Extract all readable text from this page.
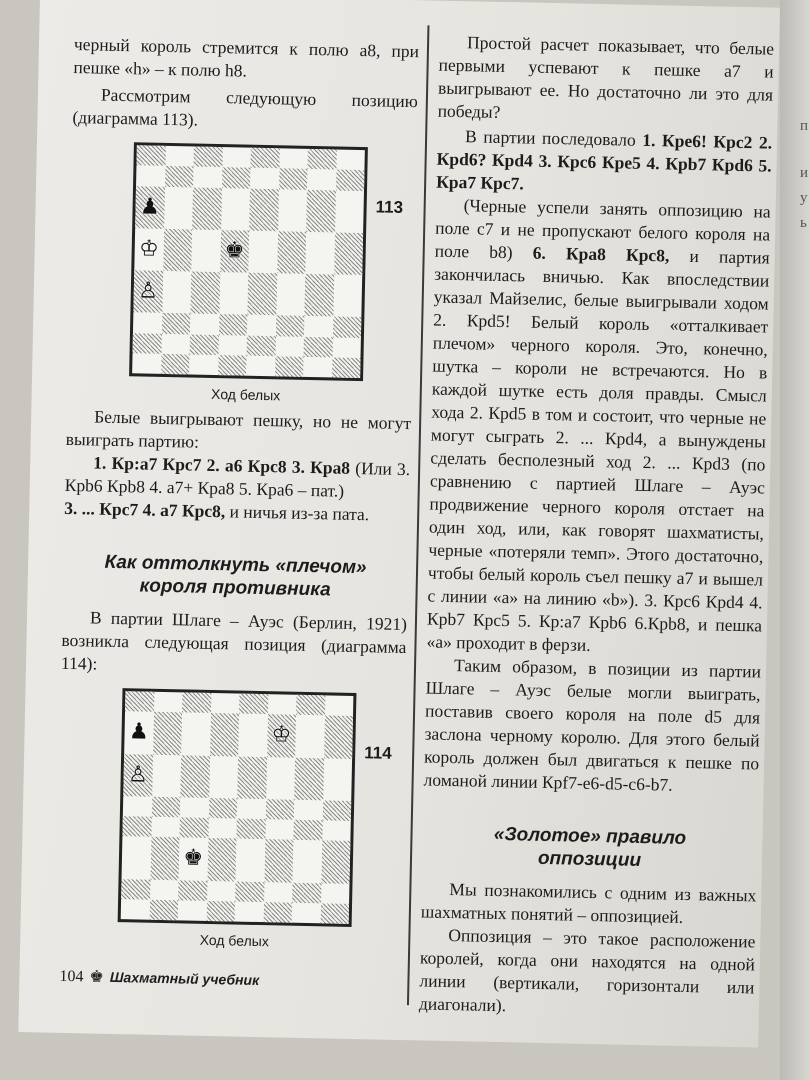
п
и
у
ь

черный король стремится к полю a8, при пешке «h» – к полю h8.

Рассмотрим следующую позицию (диаграмма 113).

♟
♔	♚
♙
113
Ход белых

Белые выигрывают пешку, но не могут выиграть партию:

1. Кр:a7 Крс7 2. a6 Крс8 3. Кра8 (Или 3. Крb6 Крb8 4. a7+ Кра8 5. Кра6 – пат.)

3. ... Крс7 4. a7 Крс8, и ничья из-за пата.

Как оттолкнуть «плечом» короля противника

В партии Шлаге – Ауэс (Берлин, 1921) возникла следующая позиция (диаграмма 114):

♟	♔
♙
♚
114
Ход белых

Простой расчет показывает, что белые первыми успевают к пешке a7 и выигрывают ее. Но достаточно ли это для победы?

В партии последовало 1. Кре6! Крс2 2. Крd6? Крd4 3. Крс6 Кре5 4. Крb7 Крd6 5. Кра7 Крс7.

(Черные успели занять оппозицию на поле c7 и не пропускают белого короля на поле b8) 6. Кра8 Крс8, и партия закончилась вничью. Как впоследствии указал Майзелис, белые выигрывали ходом 2. Крd5! Белый король «отталкивает плечом» черного короля. Это, конечно, шутка – короли не встречаются. Но в каждой шутке есть доля правды. Смысл хода 2. Крd5 в том и состоит, что черные не могут сыграть 2. ... Крd4, а вынуждены сделать бесполезный ход 2. ... Крd3 (по сравнению с партией Шлаге – Ауэс продвижение черного короля отстает на один ход, или, как говорят шахматисты, черные «потеряли темп». Этого достаточно, чтобы белый король съел пешку a7 и вышел с линии «a» на линию «b»). 3. Крс6 Крd4 4. Крb7 Крс5 5. Кр:a7 Крb6 6.Крb8, и пешка «a» проходит в ферзи.

Таким образом, в позиции из партии Шлаге – Ауэс белые могли выиграть, поставив своего короля на поле d5 для заслона черному королю. Для этого белый король должен был двигаться к пешке по ломаной линии Крf7-e6-d5-c6-b7.

«Золотое» правило оппозиции

Мы познакомились с одним из важных шахматных понятий – оппозицией.

Оппозиция – это такое расположение королей, когда они находятся на одной линии (вертикали, горизонтали или диагонали).

104 ♚ Шахматный учебник
